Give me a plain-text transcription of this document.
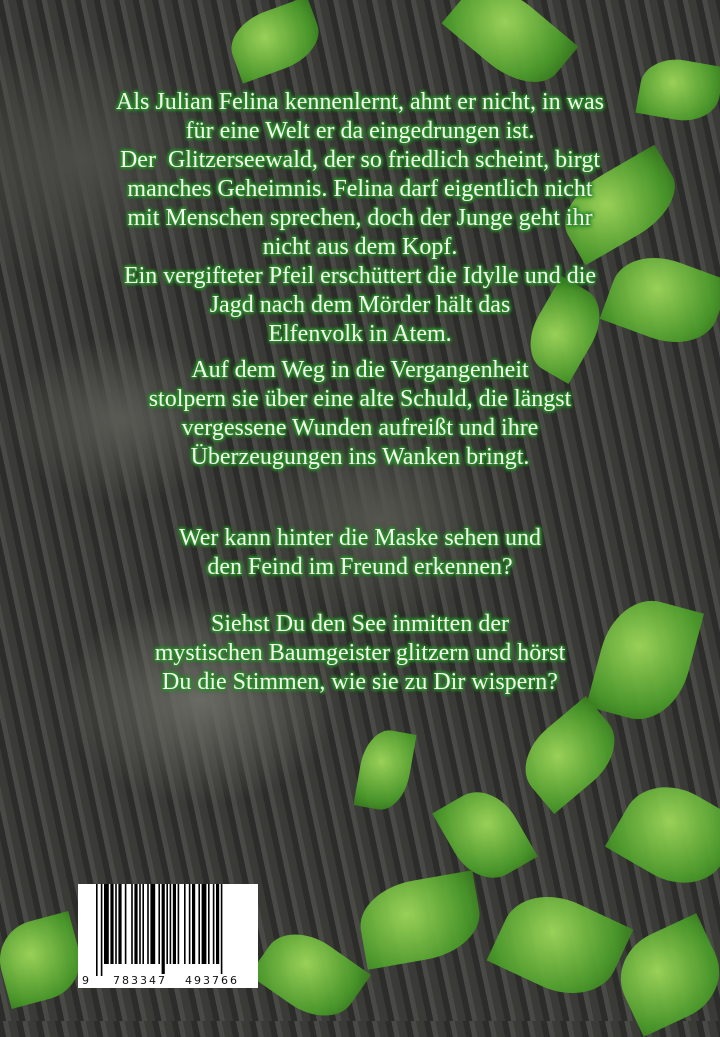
Als Julian Felina kennenlernt, ahnt er nicht, in was
für eine Welt er da eingedrungen ist.
Der  Glitzerseewald, der so friedlich scheint, birgt
manches Geheimnis. Felina darf eigentlich nicht
mit Menschen sprechen, doch der Junge geht ihr
nicht aus dem Kopf.
Ein vergifteter Pfeil erschüttert die Idylle und die
Jagd nach dem Mörder hält das
Elfenvolk in Atem.
Auf dem Weg in die Vergangenheit
stolpern sie über eine alte Schuld, die längst
vergessene Wunden aufreißt und ihre
Überzeugungen ins Wanken bringt.
Wer kann hinter die Maske sehen und
den Feind im Freund erkennen?
Siehst Du den See inmitten der
mystischen Baumgeister glitzern und hörst
Du die Stimmen, wie sie zu Dir wispern?
9 783347 493766
